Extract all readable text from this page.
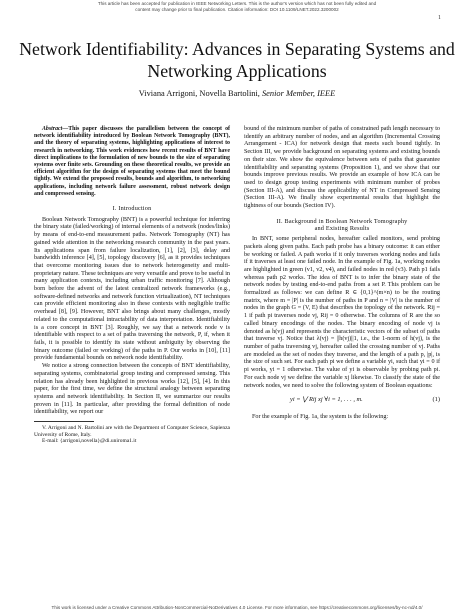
This article has been accepted for publication in IEEE Networking Letters. This is the author's version which has not been fully edited and
content may change prior to final publication. Citation information: DOI 10.1109/LNET.2022.3200002
1
Network Identifiability: Advances in Separating Systems and Networking Applications
Viviana Arrigoni, Novella Bartolini, Senior Member, IEEE

Abstract—This paper discusses the parallelism between the concept of network identifiability introduced by Boolean Network Tomography (BNT), and the theory of separating systems, highlighting applications of interest to research in networking. This work evidences how recent results of BNT have direct implications to the formulation of new bounds to the size of separating systems over finite sets. Grounding on these theoretical results, we provide an efficient algorithm for the design of separating systems that meet the bound tightly. We extend the proposed results, bounds and algorithm, to networking applications, including network failure assessment, robust network design and compressed sensing.

I. Introduction

Boolean Network Tomography (BNT) is a powerful technique for inferring the binary state (failed/working) of internal elements of a network (nodes/links) by means of end-to-end measurement paths. Network Tomography (NT) has gained wide attention in the networking research community in the past years. Its applications span from failure localization, [1], [2], [3], delay and bandwidth inference [4], [5], topology discovery [6], as it provides techniques that overcome monitoring issues due to network heterogeneity and multi-proprietary nature. These techniques are very versatile and prove to be useful in many application contexts, including urban traffic monitoring [7]. Although born before the advent of the latest centralized network frameworks (e.g., software-defined networks and network function virtualization), NT techniques can provide efficient monitoring also in these contexts with negligible traffic overhead [8], [9]. However, BNT also brings about many challenges, mostly related to the computational intractability of data interpretation. Identifiability is a core concept in BNT [3]. Roughly, we say that a network node v is identifiable with respect to a set of paths traversing the network, P, if, when it fails, it is possible to identify its state without ambiguity by observing the binary outcome (failed or working) of the paths in P. Our works in [10], [11] provide fundamental bounds on network node identifiability.

We notice a strong connection between the concepts of BNT identifiability, separating systems, combinatorial group testing and compressed sensing. This relation has already been highlighted in previous works [12], [5], [4]. In this paper, for the first time, we define the structural analogy between separating systems and network identifiability. In Section II, we summarize our results proven in [11]. In particular, after providing the formal definition of node identifiability, we report our

V. Arrigoni and N. Bartolini are with the Department of Computer Science, Sapienza University of Rome, Italy.

E-mail: {arrigoni,novella}@di.uniroma1.it

bound of the minimum number of paths of constrained path length necessary to identify an arbitrary number of nodes, and an algorithm (Incremental Crossing Arrangement - ICA) for network design that meets such bound tightly. In Section III, we provide background on separating systems and existing bounds on their size. We show the equivalence between sets of paths that guarantee identifiability and separating systems (Proposition 1), and we show that our bounds improve previous results. We provide an example of how ICA can be used to design group testing experiments with minimum number of probes (Section III-A), and discuss the applicability of NT in Compressed Sensing (Section III-A). We finally show experimental results that highlight the tightness of our bounds (Section IV).

II. Background in Boolean Network Tomography
and Existing Results

In BNT, some peripheral nodes, hereafter called monitors, send probing packets along given paths. Each path probe has a binary outcome: it can either be working or failed. A path works if it only traverses working nodes and fails if it traverses at least one failed node. In the example of Fig. 1a, working nodes are highlighted in green (v1, v2, v4), and failed nodes in red (v3). Path p1 fails whereas path p2 works. The idea of BNT is to infer the binary state of the network nodes by testing end-to-end paths from a set P. This problem can be formalized as follows: we can define R ∈ {0,1}^(m×n) to be the routing matrix, where m = |P| is the number of paths in P and n = |V| is the number of nodes in the graph G = (V, E) that describes the topology of the network. Rij = 1 if path pi traverses node vj, Rij = 0 otherwise. The columns of R are the so called binary encodings of the nodes. The binary encoding of node vj is denoted as h(vj) and represents the characteristic vectors of the subset of paths that traverse vj. Notice that λ(vj) = ||h(vj)||1, i.e., the 1-norm of h(vj), is the number of paths traversing vj, hereafter called the crossing number of vj. Paths are modeled as the set of nodes they traverse, and the length of a path p, |p|, is the size of such set. For each path pi we define a variable yi, such that yi = 0 if pi works, yi = 1 otherwise. The value of yi is observable by probing path pi. For each node vj we define the variable xj likewise. To classify the state of the network nodes, we need to solve the following system of Boolean equations:

yi = ⋁ Rij xj ∀i = 1, . . . , m.	(1)

For the example of Fig. 1a, the system is the following:

This work is licensed under a Creative Commons Attribution-NonCommercial-NoDerivatives 4.0 License. For more information, see https://creativecommons.org/licenses/by-nc-nd/4.0/
